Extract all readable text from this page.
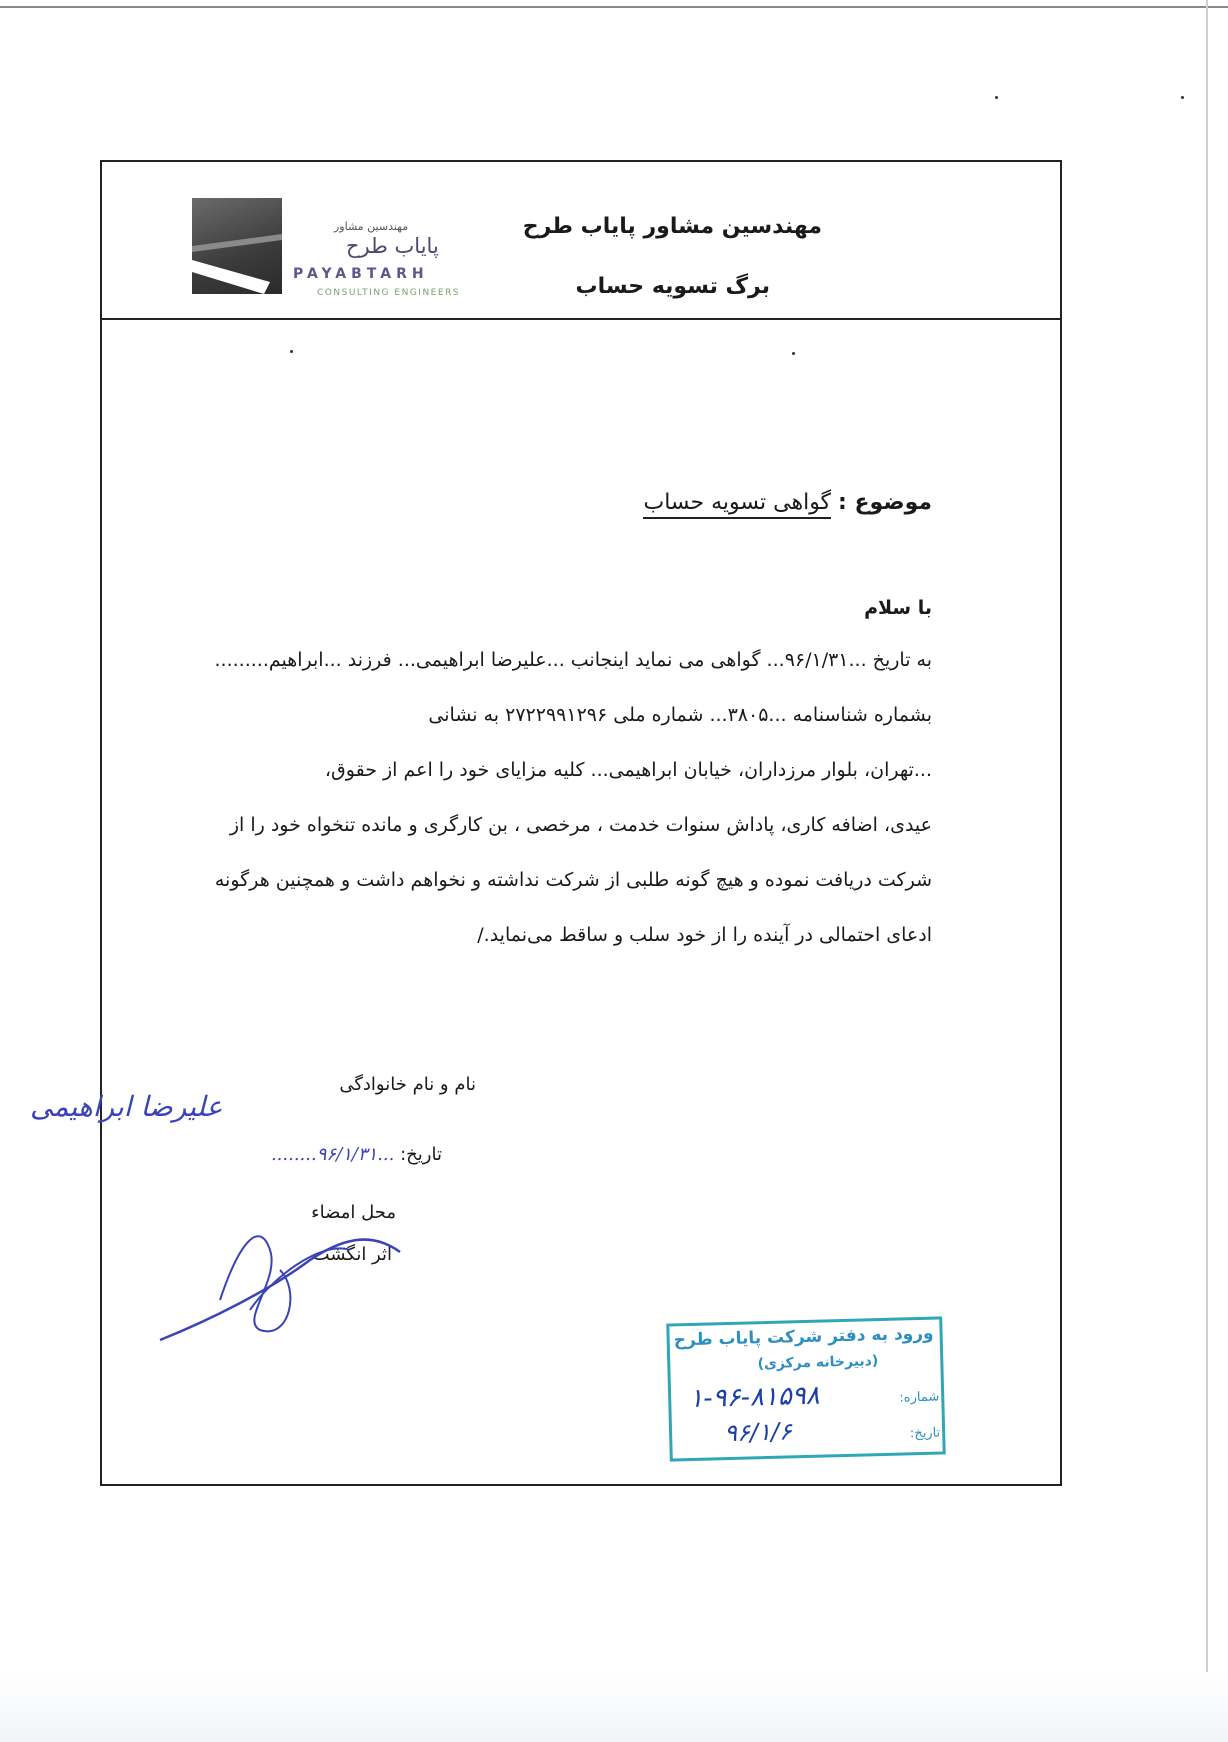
مهندسین مشاور
پایاب طرح
PAYABTARH
CONSULTING ENGINEERS
مهندسین مشاور پایاب طرح
برگ تسویه حساب
موضوع : گواهی تسویه حساب
با سلام
به تاریخ ...۹۶/۱/۳۱... گواهی می نماید اینجانب ...علیرضا ابراهیمی... فرزند ...ابراهیم.........
بشماره شناسنامه ...۳۸۰۵... شماره ملی ۲۷۲۲۹۹۱۲۹۶ به نشانی
...تهران، بلوار مرزداران، خیابان ابراهیمی... کلیه مزایای خود را اعم از حقوق،
عیدی، اضافه کاری، پاداش سنوات خدمت ، مرخصی ، بن کارگری و مانده تنخواه خود را از
شرکت دریافت نموده و هیچ گونه طلبی از شرکت نداشته و نخواهم داشت و همچنین هرگونه
ادعای احتمالی در آینده را از خود سلب و ساقط می‌نماید./
نام و نام خانوادگی
تاریخ: ...۹۶/۱/۳۱........
محل امضاء
اثر انگشت
علیرضا ابراهیمی
ورود به دفتر شرکت پایاب طرح
(دبیرخانه مرکزی)
شماره:
تاریخ:
۱-۹۶-۸۱۵۹۸
۹۶/۱/۶
